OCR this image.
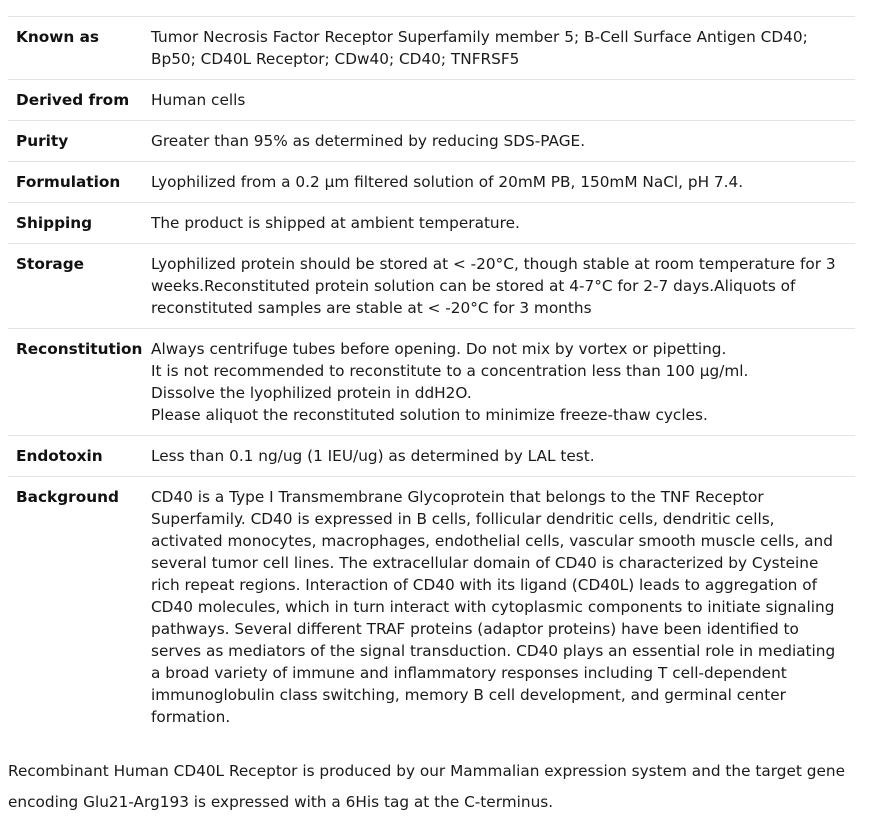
Known as	Tumor Necrosis Factor Receptor Superfamily member 5; B-Cell Surface Antigen CD40; Bp50; CD40L Receptor; CDw40; CD40; TNFRSF5

Derived from	Human cells

Purity	Greater than 95% as determined by reducing SDS-PAGE.

Formulation	Lyophilized from a 0.2 μm filtered solution of 20mM PB, 150mM NaCl, pH 7.4.

Shipping	The product is shipped at ambient temperature.

Storage	Lyophilized protein should be stored at < -20°C, though stable at room temperature for 3 weeks.Reconstituted protein solution can be stored at 4-7°C for 2-7 days.Aliquots of reconstituted samples are stable at < -20°C for 3 months

Reconstitution	Always centrifuge tubes before opening. Do not mix by vortex or pipetting.
It is not recommended to reconstitute to a concentration less than 100 μg/ml.
Dissolve the lyophilized protein in ddH2O.
Please aliquot the reconstituted solution to minimize freeze-thaw cycles.

Endotoxin	Less than 0.1 ng/ug (1 IEU/ug) as determined by LAL test.

Background	CD40 is a Type I Transmembrane Glycoprotein that belongs to the TNF Receptor Superfamily. CD40 is expressed in B cells, follicular dendritic cells, dendritic cells, activated monocytes, macrophages, endothelial cells, vascular smooth muscle cells, and several tumor cell lines. The extracellular domain of CD40 is characterized by Cysteine rich repeat regions. Interaction of CD40 with its ligand (CD40L) leads to aggregation of CD40 molecules, which in turn interact with cytoplasmic components to initiate signaling pathways. Several different TRAF proteins (adaptor proteins) have been identified to serves as mediators of the signal transduction. CD40 plays an essential role in mediating a broad variety of immune and inflammatory responses including T cell-dependent immunoglobulin class switching, memory B cell development, and germinal center formation.

Recombinant Human CD40L Receptor is produced by our Mammalian expression system and the target gene encoding Glu21-Arg193 is expressed with a 6His tag at the C-terminus.
